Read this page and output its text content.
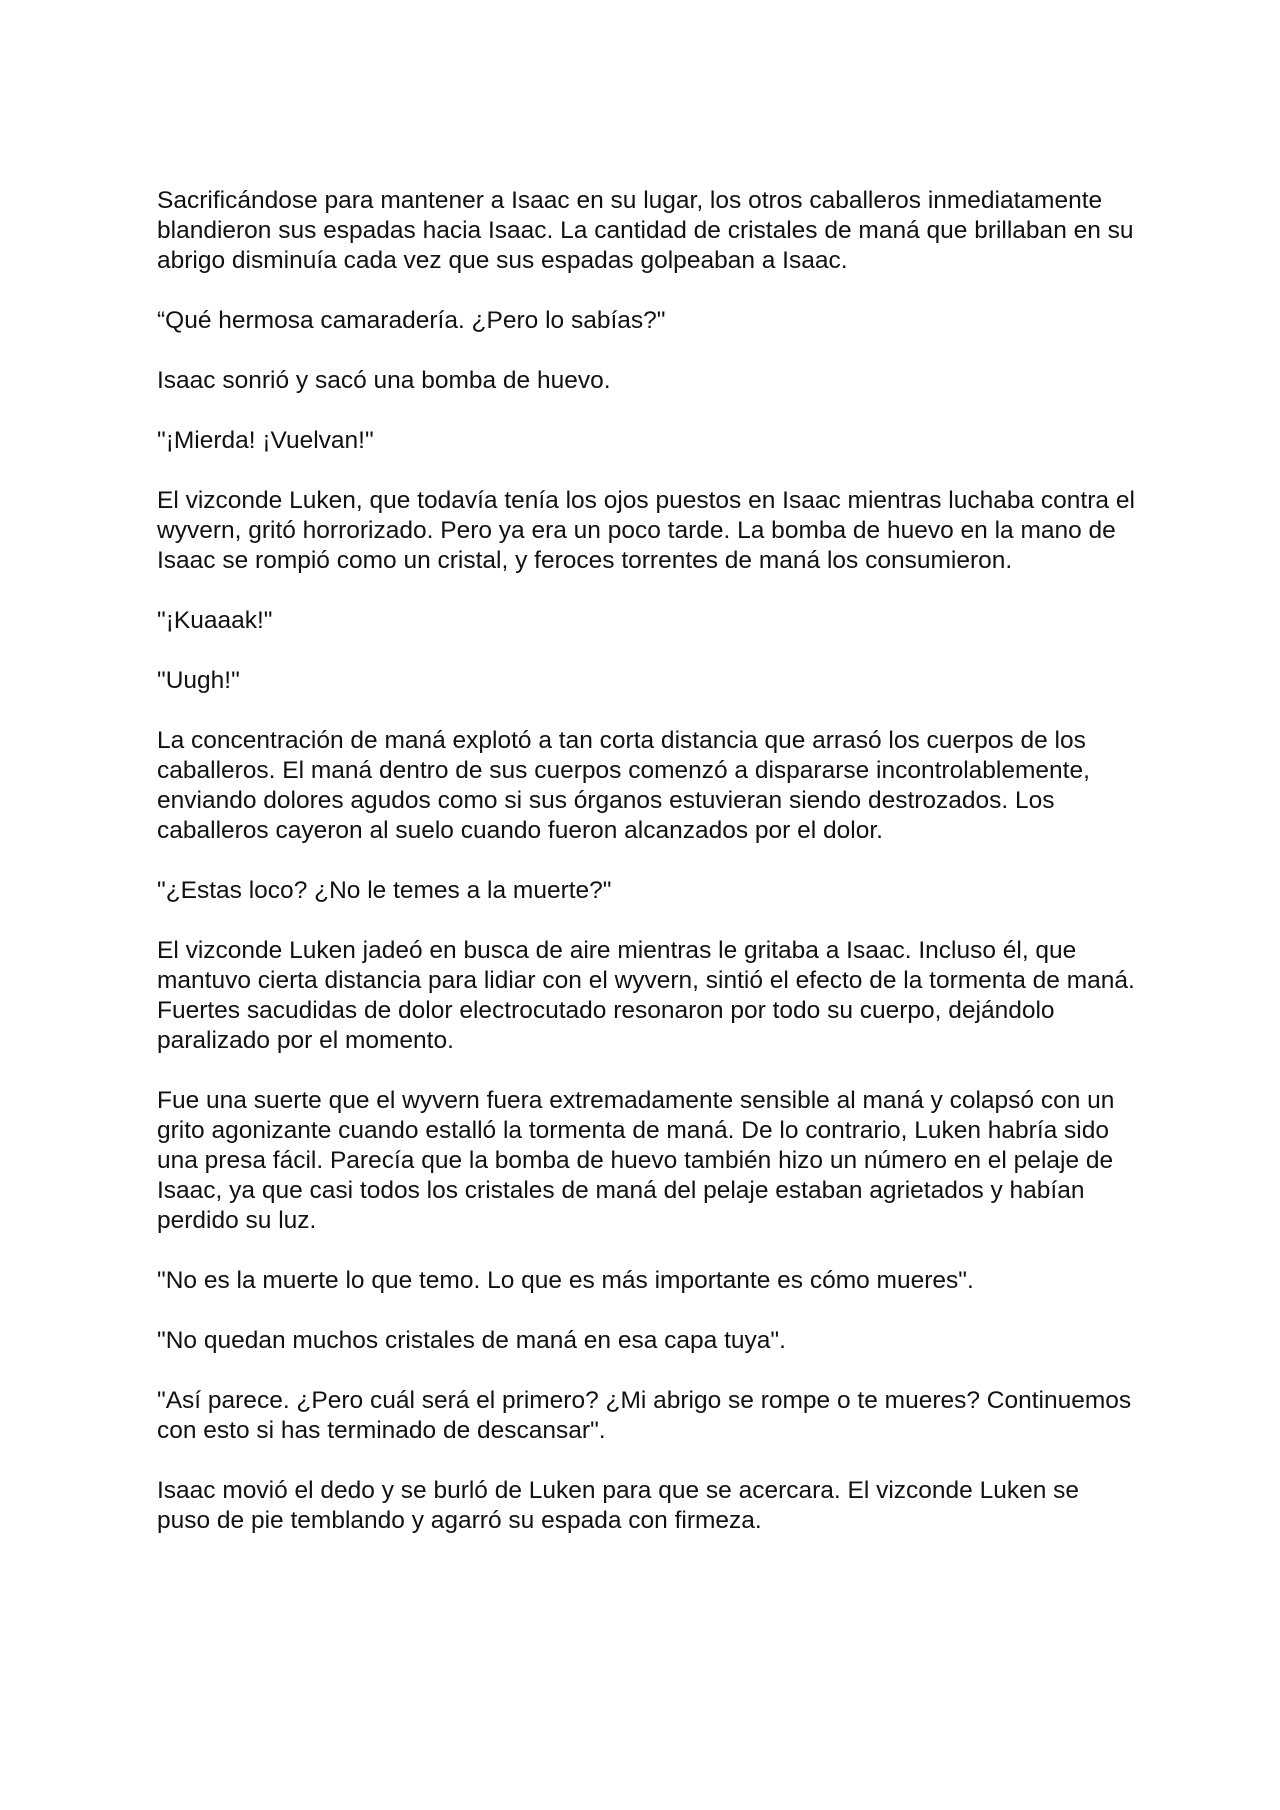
Sacrificándose para mantener a Isaac en su lugar, los otros caballeros inmediatamente blandieron sus espadas hacia Isaac. La cantidad de cristales de maná que brillaban en su abrigo disminuía cada vez que sus espadas golpeaban a Isaac.

“Qué hermosa camaradería. ¿Pero lo sabías?"

Isaac sonrió y sacó una bomba de huevo.

"¡Mierda! ¡Vuelvan!"

El vizconde Luken, que todavía tenía los ojos puestos en Isaac mientras luchaba contra el wyvern, gritó horrorizado. Pero ya era un poco tarde. La bomba de huevo en la mano de Isaac se rompió como un cristal, y feroces torrentes de maná los consumieron.

"¡Kuaaak!"

"Uugh!"

La concentración de maná explotó a tan corta distancia que arrasó los cuerpos de los caballeros. El maná dentro de sus cuerpos comenzó a dispararse incontrolablemente, enviando dolores agudos como si sus órganos estuvieran siendo destrozados. Los caballeros cayeron al suelo cuando fueron alcanzados por el dolor.

"¿Estas loco? ¿No le temes a la muerte?"

El vizconde Luken jadeó en busca de aire mientras le gritaba a Isaac. Incluso él, que mantuvo cierta distancia para lidiar con el wyvern, sintió el efecto de la tormenta de maná. Fuertes sacudidas de dolor electrocutado resonaron por todo su cuerpo, dejándolo paralizado por el momento.

Fue una suerte que el wyvern fuera extremadamente sensible al maná y colapsó con un grito agonizante cuando estalló la tormenta de maná. De lo contrario, Luken habría sido una presa fácil. Parecía que la bomba de huevo también hizo un número en el pelaje de Isaac, ya que casi todos los cristales de maná del pelaje estaban agrietados y habían perdido su luz.

"No es la muerte lo que temo. Lo que es más importante es cómo mueres".

"No quedan muchos cristales de maná en esa capa tuya".

"Así parece. ¿Pero cuál será el primero? ¿Mi abrigo se rompe o te mueres? Continuemos con esto si has terminado de descansar".

Isaac movió el dedo y se burló de Luken para que se acercara. El vizconde Luken se puso de pie temblando y agarró su espada con firmeza.
